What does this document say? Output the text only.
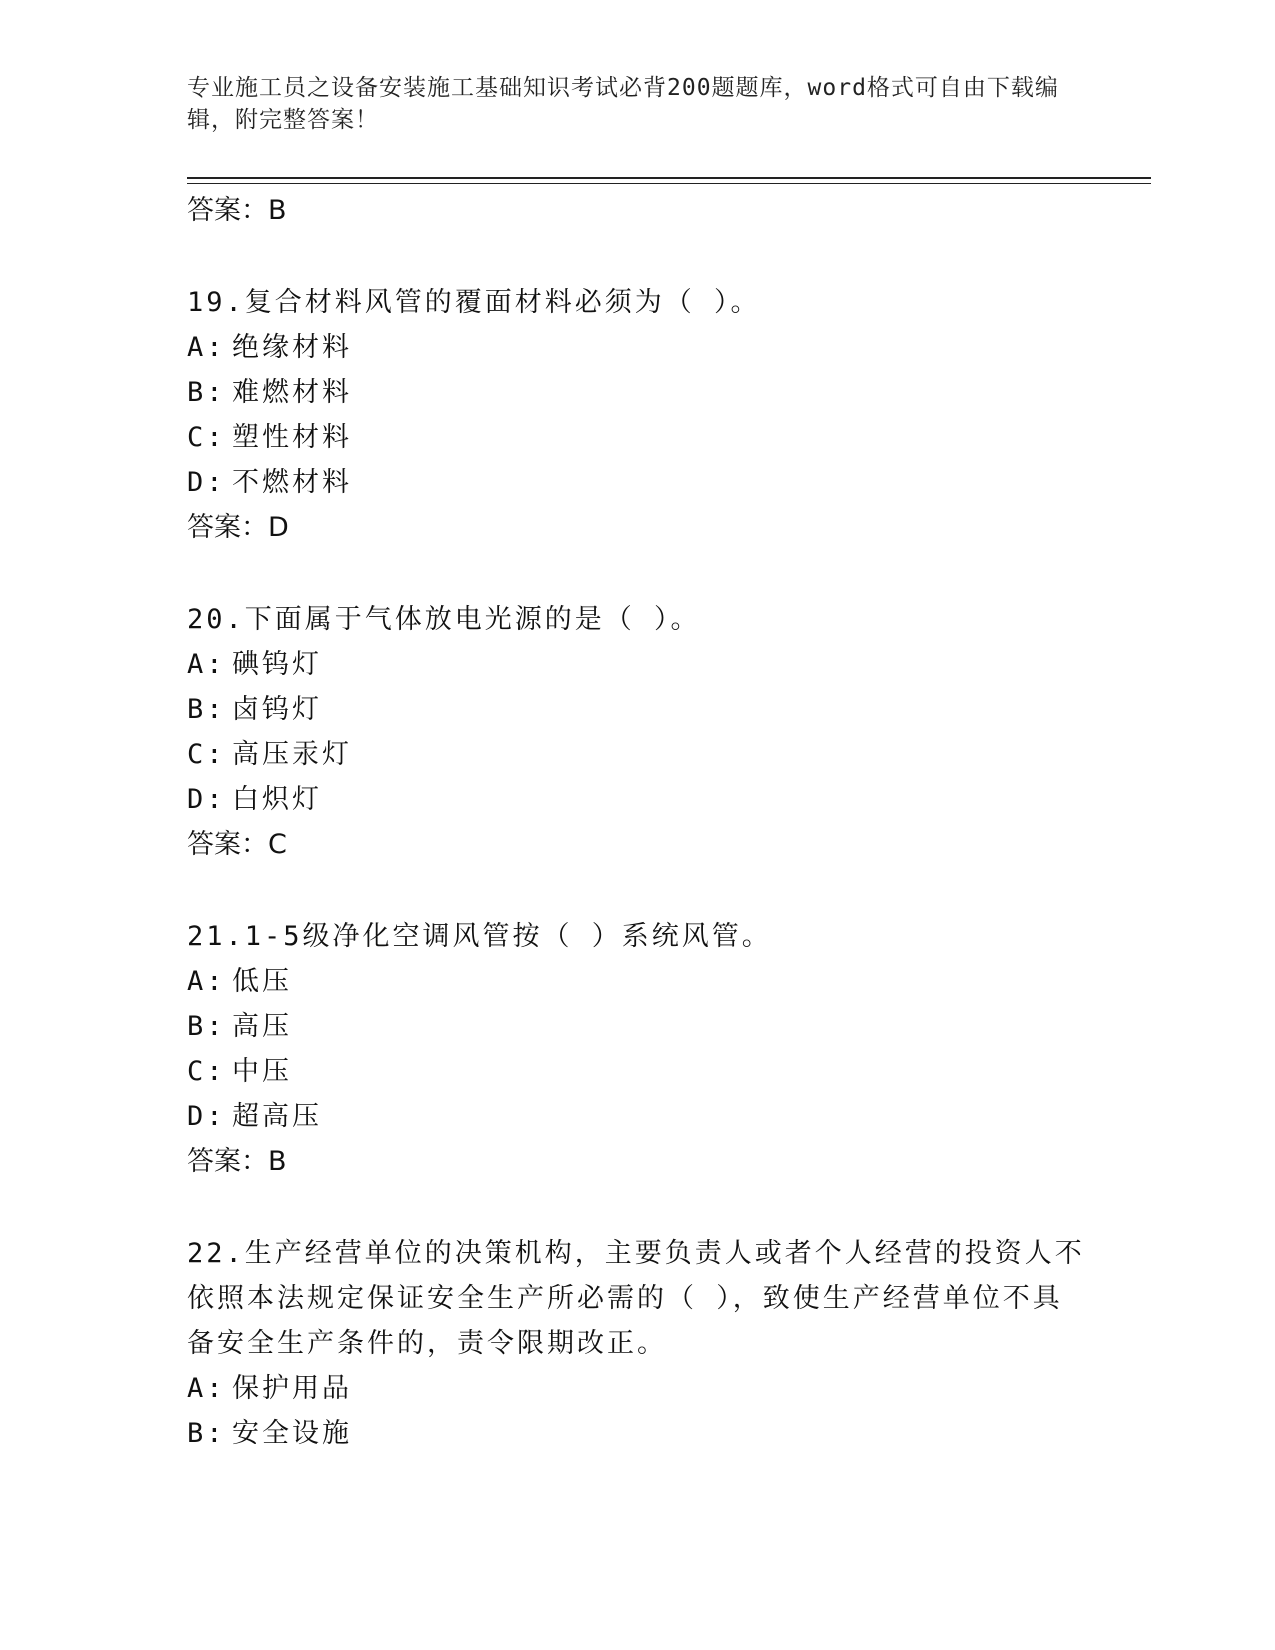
专业施工员之设备安装施工基础知识考试必背200题题库，word格式可自由下载编辑，附完整答案！
答案：B
19.复合材料风管的覆面材料必须为（ ）。
A: 绝缘材料
B: 难燃材料
C: 塑性材料
D: 不燃材料
答案：D
20.下面属于气体放电光源的是（ ）。
A: 碘钨灯
B: 卤钨灯
C: 高压汞灯
D: 白炽灯
答案：C
21.1-5级净化空调风管按（ ）系统风管。
A: 低压
B: 高压
C: 中压
D: 超高压
答案：B
22.生产经营单位的决策机构，主要负责人或者个人经营的投资人不依照本法规定保证安全生产所必需的（ ），致使生产经营单位不具备安全生产条件的，责令限期改正。
A: 保护用品
B: 安全设施
